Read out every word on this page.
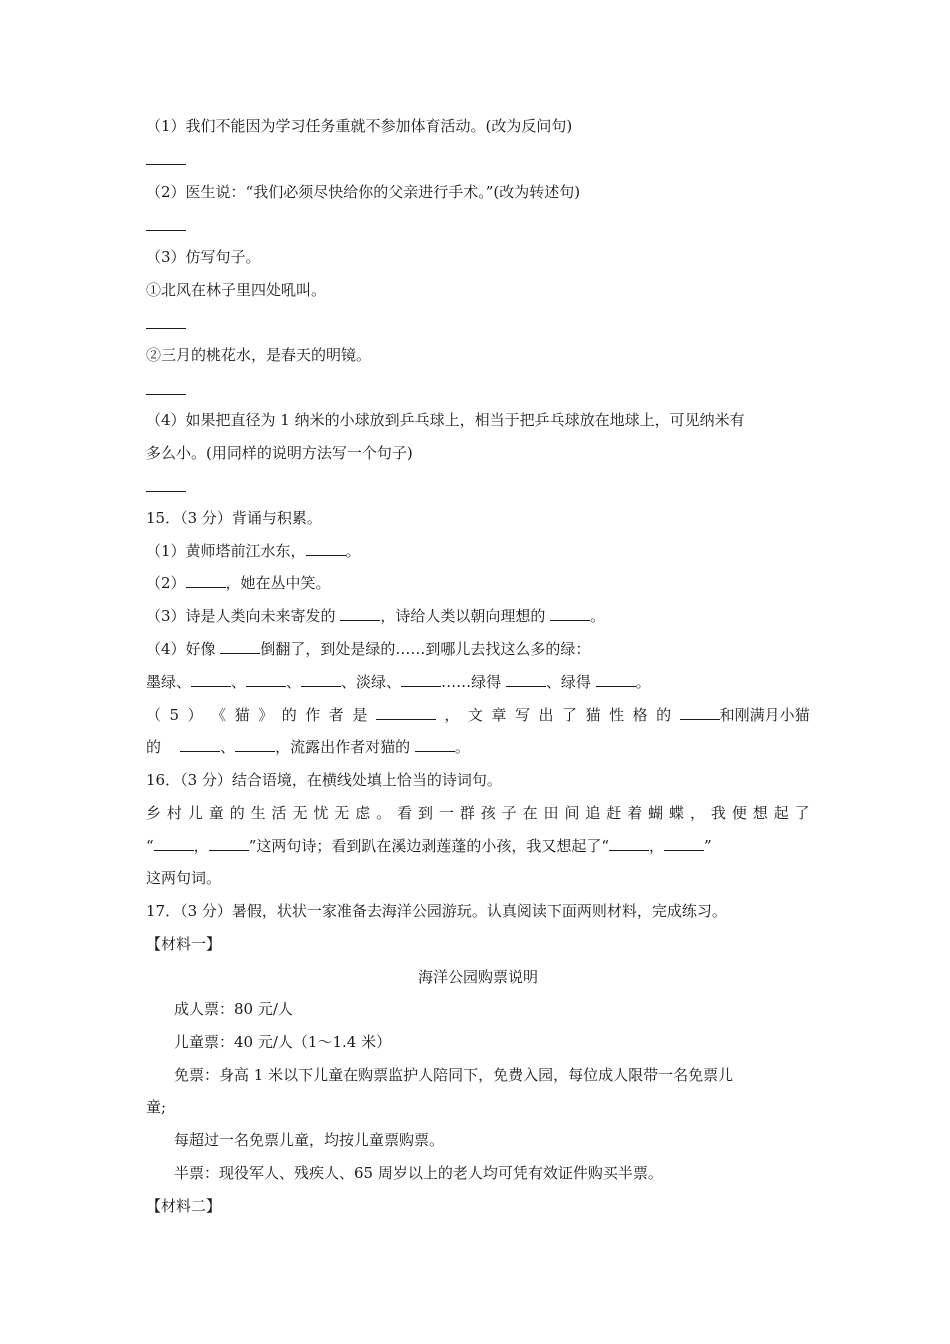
（1）我们不能因为学习任务重就不参加体育活动。(改为反问句)
（2）医生说：“我们必须尽快给你的父亲进行手术。”(改为转述句)
（3）仿写句子。
①北风在林子里四处吼叫。
②三月的桃花水，是春天的明镜。
（4）如果把直径为 1 纳米的小球放到乒乓球上，相当于把乒乓球放在地球上，可见纳米有
多么小。(用同样的说明方法写一个句子)
15．（3 分）背诵与积累。
（1）黄师塔前江水东，	。
（2）	，她在丛中笑。
（3）诗是人类向未来寄发的	，诗给人类以朝向理想的	。
（4）好像	倒翻了，到处是绿的……到哪儿去找这么多的绿：
墨绿、	、	、	、淡绿、	……绿得	、绿得	。
（ 5 ） 《 猫 》 的 作 者 是	， 文 章 写 出 了 猫 性 格 的	和刚满月小猫
的	、	，流露出作者对猫的	。
16．（3 分）结合语境，在横线处填上恰当的诗词句。
乡 村 儿 童 的 生 活 无 忧 无 虑 。 看 到 一 群 孩 子 在 田 间 追 赶 着 蝴 蝶 ， 我 便 想 起 了
“	，	”这两句诗；看到趴在溪边剥莲蓬的小孩，我又想起了“	，	”
这两句词。
17．（3 分）暑假，状状一家准备去海洋公园游玩。认真阅读下面两则材料，完成练习。
【材料一】
海洋公园购票说明
成人票：80 元/人
儿童票：40 元/人（1～1.4 米）
免票：身高 1 米以下儿童在购票监护人陪同下，免费入园，每位成人限带一名免票儿
童;
每超过一名免票儿童，均按儿童票购票。
半票：现役军人、残疾人、65 周岁以上的老人均可凭有效证件购买半票。
【材料二】
